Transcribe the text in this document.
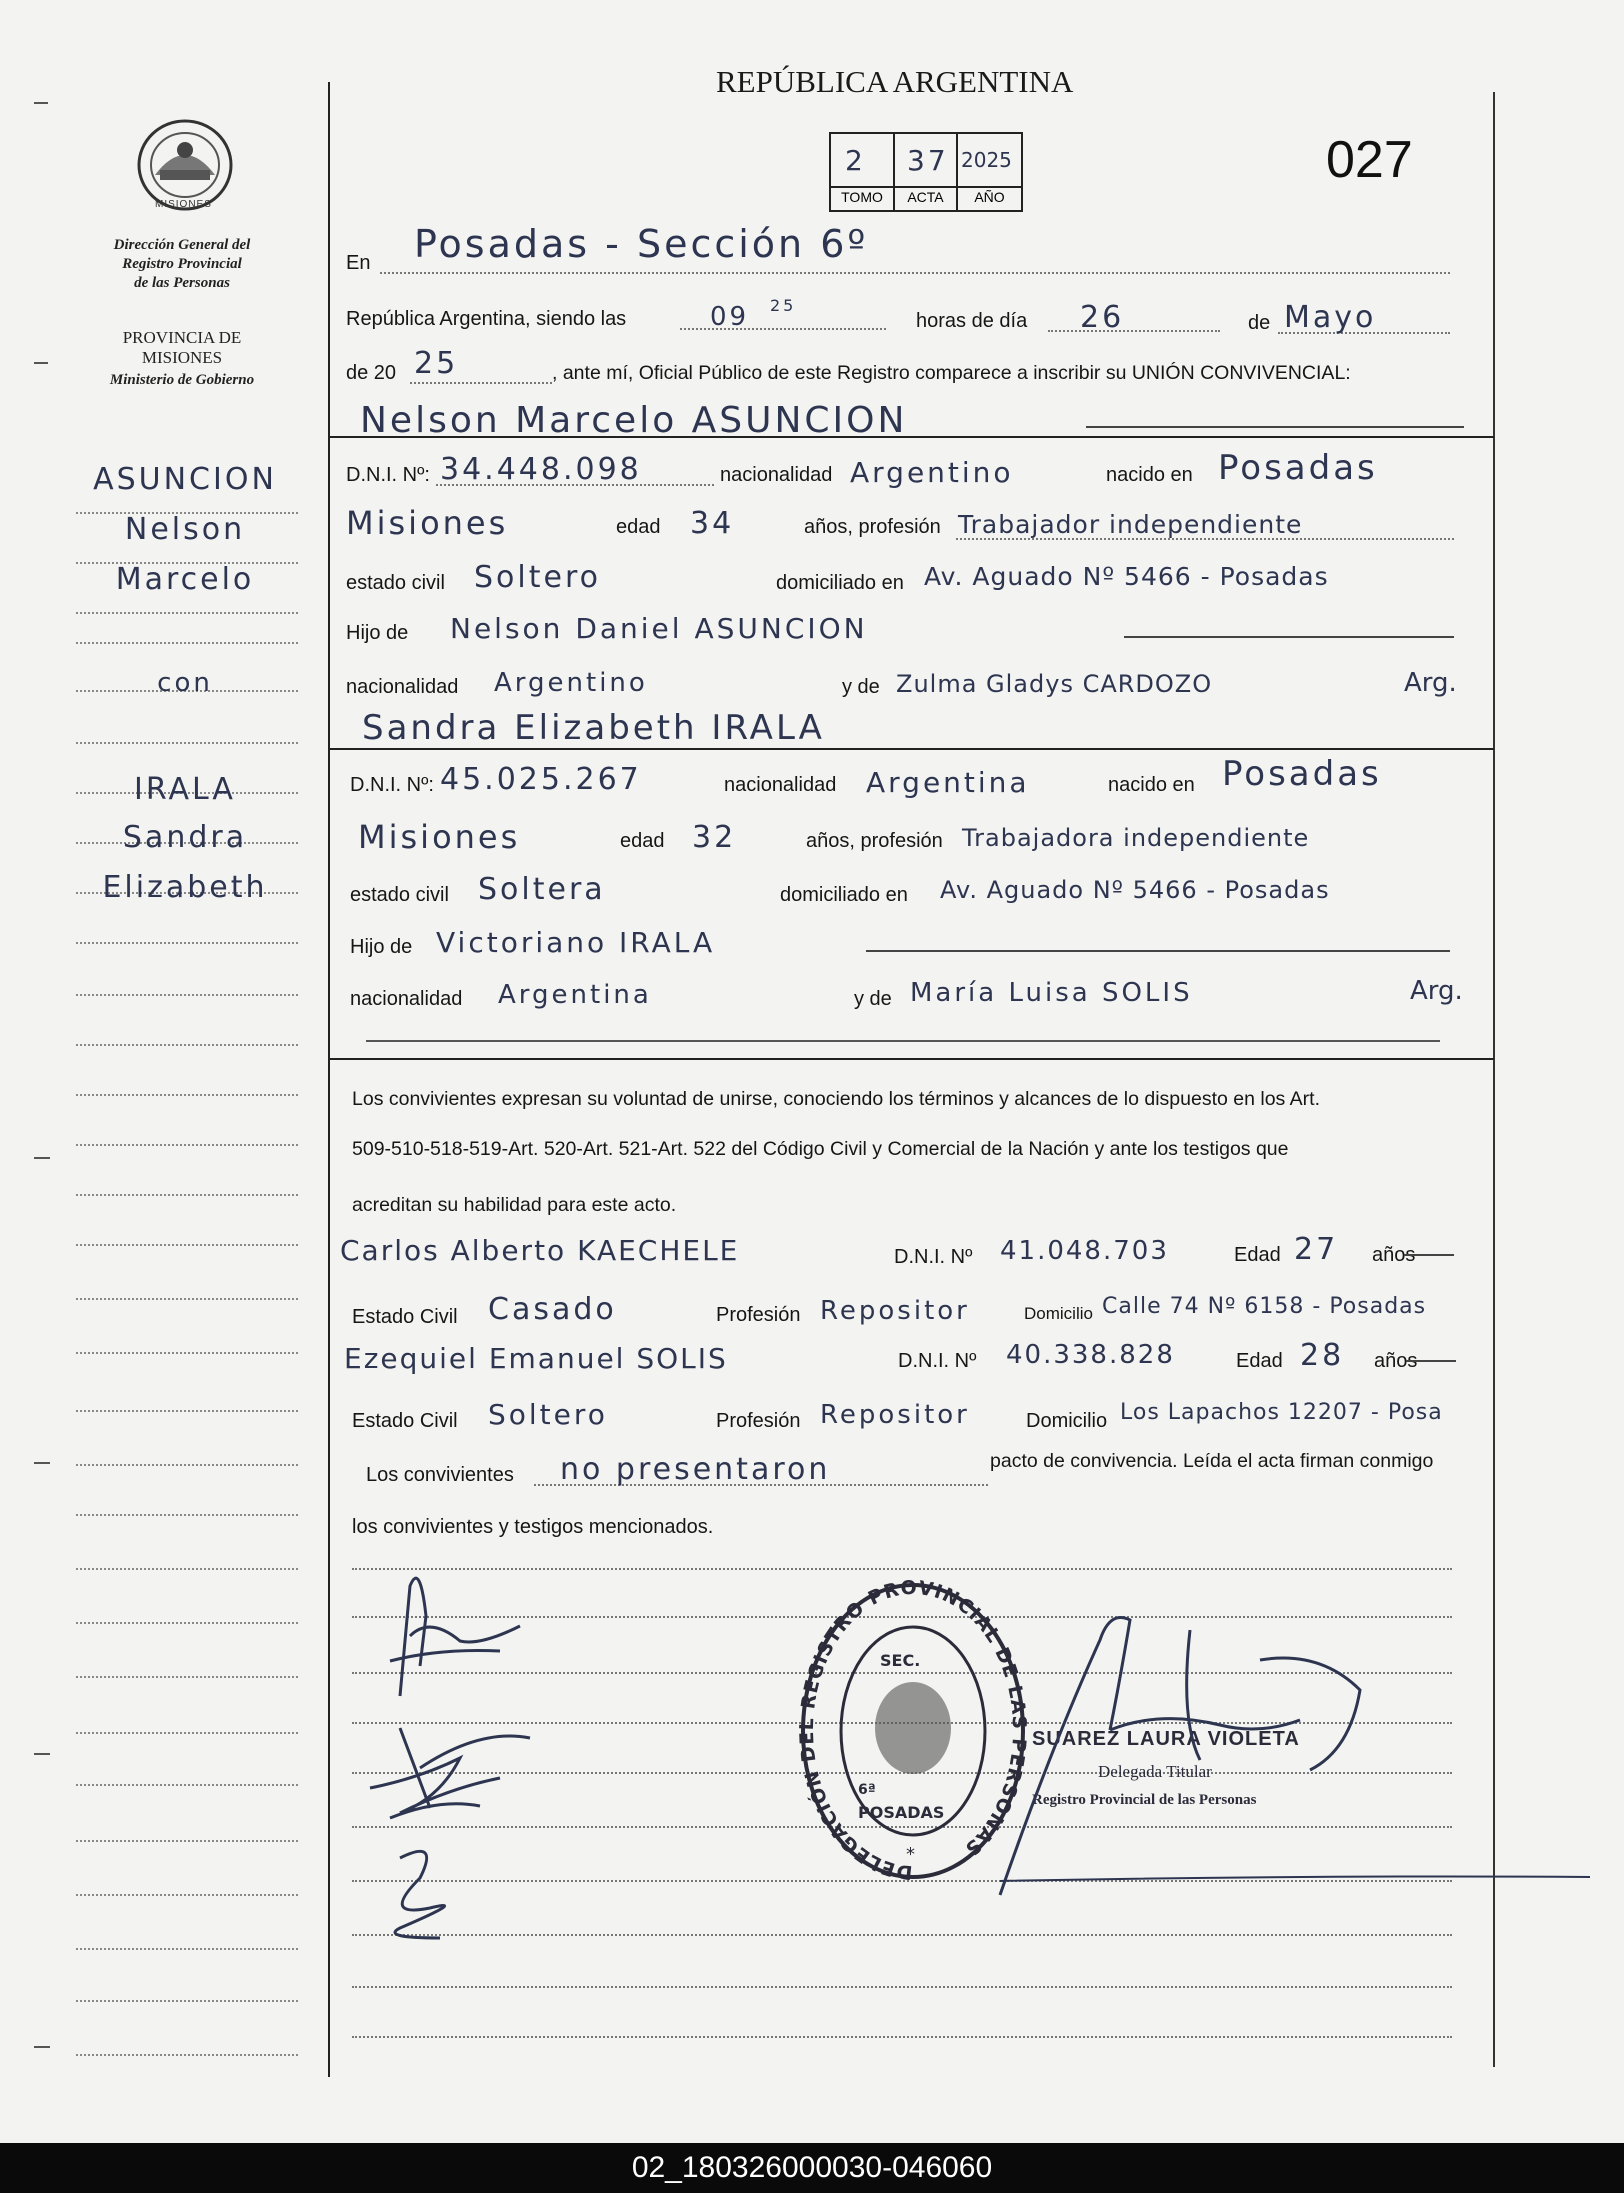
REPÚBLICA ARGENTINA
2 37 2025
TOMO	ACTA	AÑO
027
MISIONES
Dirección General del
Registro Provincial
de las Personas
PROVINCIA DE
MISIONES
Ministerio de Gobierno
ASUNCION
Nelson
Marcelo
con
IRALA
Sandra
Elizabeth
En Posadas - Sección 6º
República Argentina, siendo las	09 25
horas de día 26	de Mayo
de 20 25	, ante mí, Oficial Público de este Registro comparece a inscribir su UNIÓN CONVIVENCIAL:
Nelson Marcelo ASUNCION
D.N.I. Nº: 34.448.098	nacionalidad Argentino	nacido en Posadas
Misiones	edad 34	años, profesión Trabajador independiente
estado civil Soltero	domiciliado en Av. Aguado Nº 5466 - Posadas
Hijo de Nelson Daniel ASUNCION
nacionalidad Argentino	y de Zulma Gladys CARDOZO	Arg.
Sandra Elizabeth IRALA
D.N.I. Nº: 45.025.267	nacionalidad Argentina	nacido en Posadas
Misiones	edad 32	años, profesión Trabajadora independiente
estado civil Soltera	domiciliado en Av. Aguado Nº 5466 - Posadas
Hijo de Victoriano IRALA
nacionalidad Argentina	y de María Luisa SOLIS	Arg.
Los convivientes expresan su voluntad de unirse, conociendo los términos y alcances de lo dispuesto en los Art.
509-510-518-519-Art. 520-Art. 521-Art. 522 del Código Civil y Comercial de la Nación y ante los testigos que
acreditan su habilidad para este acto.
Carlos Alberto KAECHELE	D.N.I. Nº 41.048.703	Edad 27 años
Estado Civil Casado	Profesión Repositor	Domicilio Calle 74 Nº 6158 - Posadas
Ezequiel Emanuel SOLIS	D.N.I. Nº 40.338.828	Edad 28 años
Estado Civil Soltero	Profesión Repositor	Domicilio Los Lapachos 12207 - Posa
Los convivientes no presentaron	pacto de convivencia. Leída el acta firman conmigo
los convivientes y testigos mencionados.
DELEGACIÓN DEL REGISTRO PROVINCIAL DE LAS PERSONAS
SEC.
POSADAS
6ª
*
SUAREZ LAURA VIOLETA
Delegada Titular
Registro Provincial de las Personas
02_180326000030-046060
